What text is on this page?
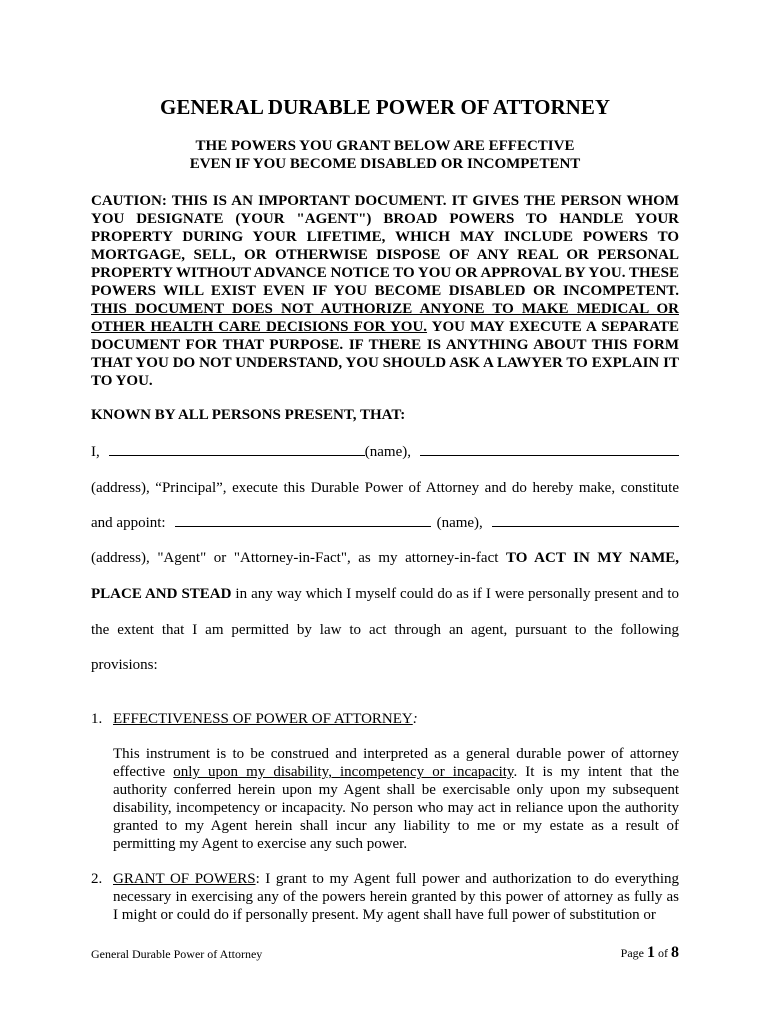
GENERAL DURABLE POWER OF ATTORNEY
THE POWERS YOU GRANT BELOW ARE EFFECTIVE
EVEN IF YOU BECOME DISABLED OR INCOMPETENT

CAUTION: THIS IS AN IMPORTANT DOCUMENT. IT GIVES THE PERSON WHOM YOU DESIGNATE (YOUR "AGENT") BROAD POWERS TO HANDLE YOUR PROPERTY DURING YOUR LIFETIME, WHICH MAY INCLUDE POWERS TO MORTGAGE, SELL, OR OTHERWISE DISPOSE OF ANY REAL OR PERSONAL PROPERTY WITHOUT ADVANCE NOTICE TO YOU OR APPROVAL BY YOU. THESE POWERS WILL EXIST EVEN IF YOU BECOME DISABLED OR INCOMPETENT. THIS DOCUMENT DOES NOT AUTHORIZE ANYONE TO MAKE MEDICAL OR OTHER HEALTH CARE DECISIONS FOR YOU. YOU MAY EXECUTE A SEPARATE DOCUMENT FOR THAT PURPOSE. IF THERE IS ANYTHING ABOUT THIS FORM THAT YOU DO NOT UNDERSTAND, YOU SHOULD ASK A LAWYER TO EXPLAIN IT TO YOU.

KNOWN BY ALL PERSONS PRESENT, THAT:

I,	(name),
(address), “Principal”, execute this Durable Power of Attorney and do hereby make, constitute
and appoint:	(name),
(address), "Agent" or "Attorney-in-Fact", as my attorney-in-fact TO ACT IN MY NAME,
PLACE AND STEAD in any way which I myself could do as if I were personally present and to
the extent that I am permitted by law to act through an agent, pursuant to the following
provisions:

1. EFFECTIVENESS OF POWER OF ATTORNEY:

This instrument is to be construed and interpreted as a general durable power of attorney effective only upon my disability, incompetency or incapacity. It is my intent that the authority conferred herein upon my Agent shall be exercisable only upon my subsequent disability, incompetency or incapacity. No person who may act in reliance upon the authority granted to my Agent herein shall incur any liability to me or my estate as a result of permitting my Agent to exercise any such power.

2. GRANT OF POWERS: I grant to my Agent full power and authorization to do everything necessary in exercising any of the powers herein granted by this power of attorney as fully as I might or could do if personally present. My agent shall have full power of substitution or
General Durable Power of Attorney	Page 1 of 8
